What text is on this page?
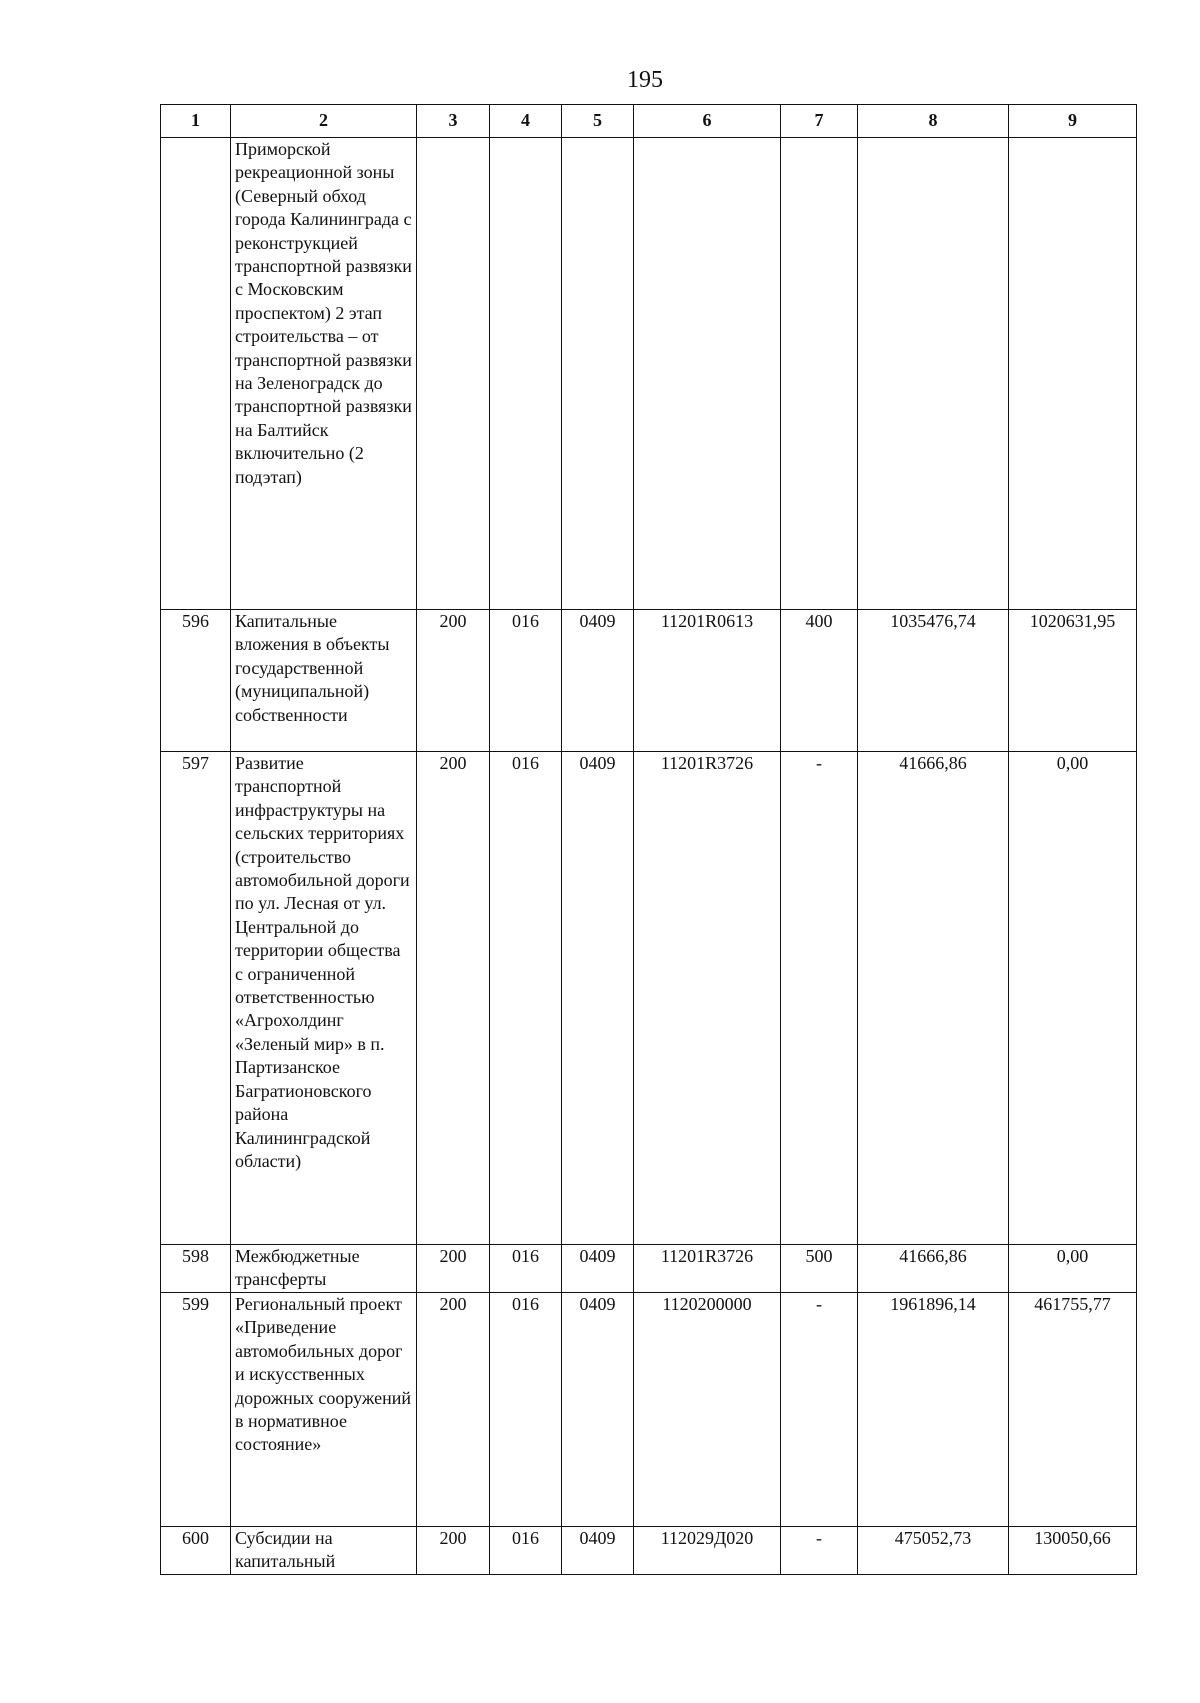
195
1	2	3	4	5	6	7	8	9
	Приморской рекреационной зоны (Северный обход города Калининграда с реконструкцией транспортной развязки с Московским проспектом) 2 этап строительства – от транспортной развязки на Зеленоградск до транспортной развязки на Балтийск включительно (2 подэтап)							
596	Капитальные вложения в объекты государственной (муниципальной) собственности	200	016	0409	11201R0613	400	1035476,74	1020631,95
597	Развитие транспортной инфраструктуры на сельских территориях (строительство автомобильной дороги по ул. Лесная от ул. Центральной до территории общества с ограниченной ответственностью «Агрохолдинг «Зеленый мир» в п. Партизанское Багратионовского района Калининградской области)	200	016	0409	11201R3726	-	41666,86	0,00
598	Межбюджетные трансферты	200	016	0409	11201R3726	500	41666,86	0,00
599	Региональный проект «Приведение автомобильных дорог и искусственных дорожных сооружений в нормативное состояние»	200	016	0409	1120200000	-	1961896,14	461755,77
600	Субсидии на капитальный	200	016	0409	112029Д020	-	475052,73	130050,66
